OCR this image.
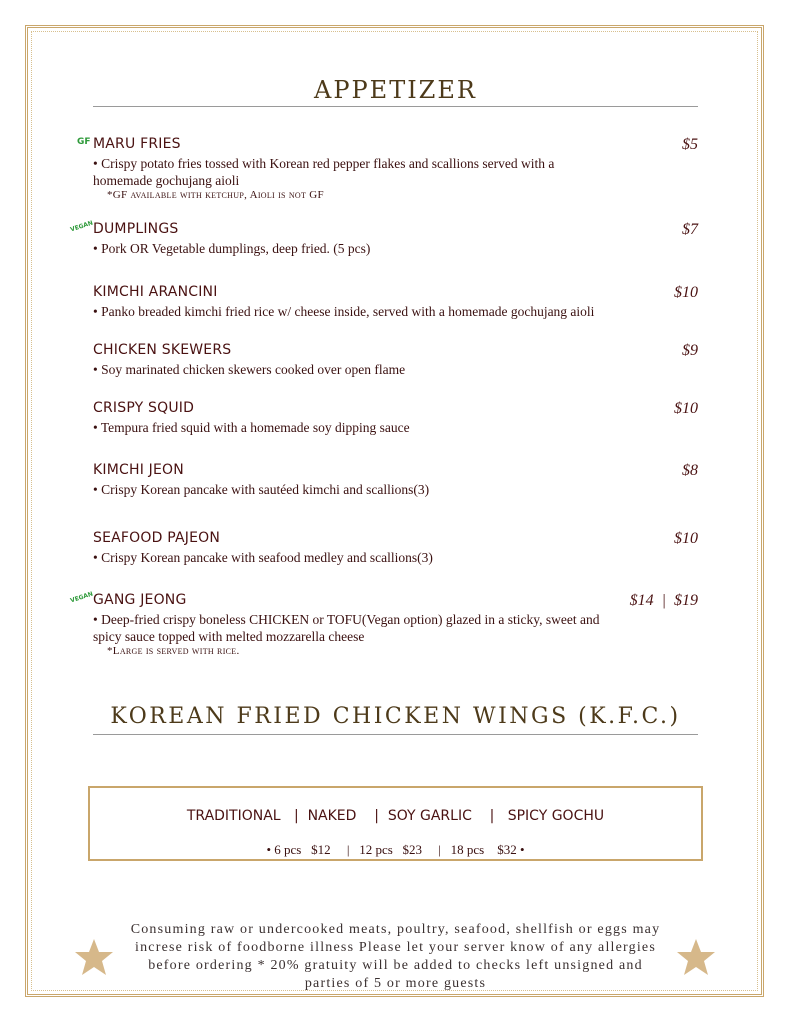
APPETIZER
GF MARU FRIES	$5
• Crispy potato fries tossed with Korean red pepper flakes and scallions served with a homemade gochujang aioli
*GF available with ketchup, Aioli is not GF
VEGAN DUMPLINGS	$7
• Pork OR Vegetable dumplings, deep fried. (5 pcs)
KIMCHI ARANCINI	$10
• Panko breaded kimchi fried rice w/ cheese inside, served with a homemade gochujang aioli
CHICKEN SKEWERS	$9
• Soy marinated chicken skewers cooked over open flame
CRISPY SQUID	$10
• Tempura fried squid with a homemade soy dipping sauce
KIMCHI JEON	$8
• Crispy Korean pancake with sautéed kimchi and scallions(3)
SEAFOOD PAJEON	$10
• Crispy Korean pancake with seafood medley and scallions(3)
VEGAN GANG JEONG	$14  |  $19
• Deep-fried crispy boneless CHICKEN or TOFU(Vegan option) glazed in a sticky, sweet and spicy sauce topped with melted mozzarella cheese
*Large is served with rice.
KOREAN FRIED CHICKEN WINGS (K.F.C.)
TRADITIONAL   |  NAKED    |  SOY GARLIC    |   SPICY GOCHU
• 6 pcs   $12     |   12 pcs   $23     |   18 pcs    $32 •
Consuming raw or undercooked meats, poultry, seafood, shellfish or eggs may increse risk of foodborne illness Please let your server know of any allergies before ordering * 20% gratuity will be added to checks left unsigned and parties of 5 or more guests
